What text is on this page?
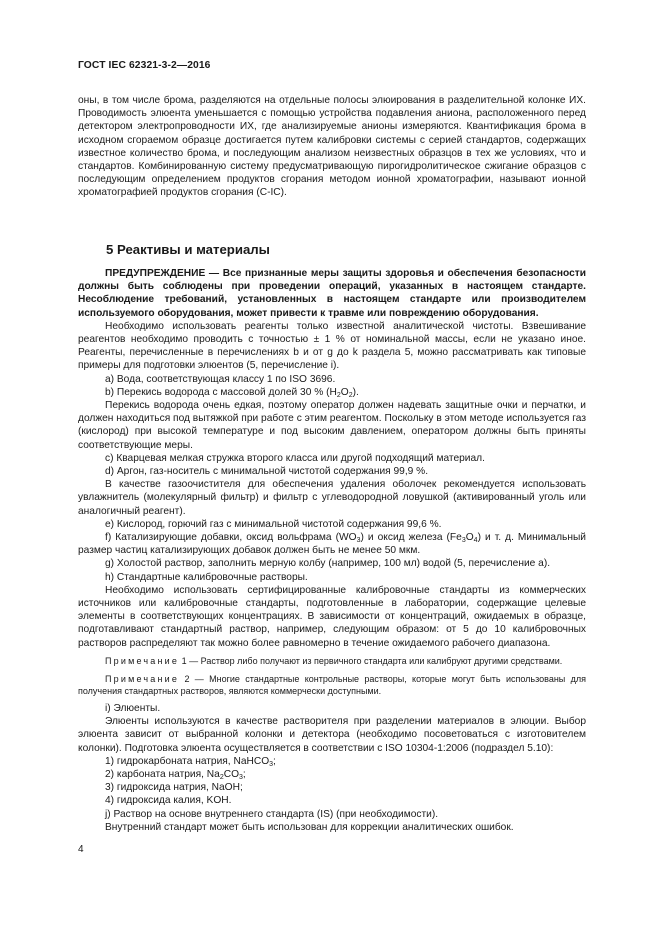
ГОСТ IEC 62321-3-2—2016

оны, в том числе брома, разделяются на отдельные полосы элюирования в разделительной колонке ИХ. Проводимость элюента уменьшается с помощью устройства подавления аниона, расположенного перед детектором электропроводности ИХ, где анализируемые анионы измеряются. Квантификация брома в исходном сгораемом образце достигается путем калибровки системы с серией стандартов, содержащих известное количество брома, и последующим анализом неизвестных образцов в тех же условиях, что и стандартов. Комбинированную систему предусматривающую пирогидролитическое сжигание образцов с последующим определением продуктов сгорания методом ионной хроматографии, называют ионной хроматографией продуктов сгорания (C-IC).

5 Реактивы и материалы

ПРЕДУПРЕЖДЕНИЕ — Все признанные меры защиты здоровья и обеспечения безопасности должны быть соблюдены при проведении операций, указанных в настоящем стандарте. Несоблюдение требований, установленных в настоящем стандарте или производителем используемого оборудования, может привести к травме или повреждению оборудования.

Необходимо использовать реагенты только известной аналитической чистоты. Взвешивание реагентов необходимо проводить с точностью ± 1 % от номинальной массы, если не указано иное. Реагенты, перечисленные в перечислениях b и от g до k раздела 5, можно рассматривать как типовые примеры для подготовки элюентов (5, перечисление i).

a) Вода, соответствующая классу 1 по ISO 3696.

b) Перекись водорода с массовой долей 30 % $(H_2O_2)$.

Перекись водорода очень едкая, поэтому оператор должен надевать защитные очки и перчатки, и должен находиться под вытяжкой при работе с этим реагентом. Поскольку в этом методе используется газ (кислород) при высокой температуре и под высоким давлением, оператором должны быть приняты соответствующие меры.

c) Кварцевая мелкая стружка второго класса или другой подходящий материал.

d) Аргон, газ-носитель с минимальной чистотой содержания 99,9 %.

В качестве газоочистителя для обеспечения удаления оболочек рекомендуется использовать увлажнитель (молекулярный фильтр) и фильтр с углеводородной ловушкой (активированный уголь или аналогичный реагент).

e) Кислород, горючий газ с минимальной чистотой содержания 99,6 %.

f) Катализирующие добавки, оксид вольфрама $(WO_3)$ и оксид железа $(Fe_3O_4)$ и т. д. Минимальный размер частиц катализирующих добавок должен быть не менее 50 мкм.

g) Холостой раствор, заполнить мерную колбу (например, 100 мл) водой (5, перечисление a).

h) Стандартные калибровочные растворы.

Необходимо использовать сертифицированные калибровочные стандарты из коммерческих источников или калибровочные стандарты, подготовленные в лаборатории, содержащие целевые элементы в соответствующих концентрациях. В зависимости от концентраций, ожидаемых в образце, подготавливают стандартный раствор, например, следующим образом: от 5 до 10 калибровочных растворов распределяют так можно более равномерно в течение ожидаемого рабочего диапазона.

Примечание 1 — Раствор либо получают из первичного стандарта или калибруют другими средствами.

Примечание 2 — Многие стандартные контрольные растворы, которые могут быть использованы для получения стандартных растворов, являются коммерчески доступными.

i) Элюенты.

Элюенты используются в качестве растворителя при разделении материалов в элюции. Выбор элюента зависит от выбранной колонки и детектора (необходимо посоветоваться с изготовителем колонки). Подготовка элюента осуществляется в соответствии с ISO 10304-1:2006 (подраздел 5.10):

1) гидрокарбоната натрия, NaHCO$_3$;

2) карбоната натрия, $Na_2CO_3$;

3) гидроксида натрия, NaOH;

4) гидроксида калия, KOH.

j) Раствор на основе внутреннего стандарта (IS) (при необходимости).

Внутренний стандарт может быть использован для коррекции аналитических ошибок.

4
